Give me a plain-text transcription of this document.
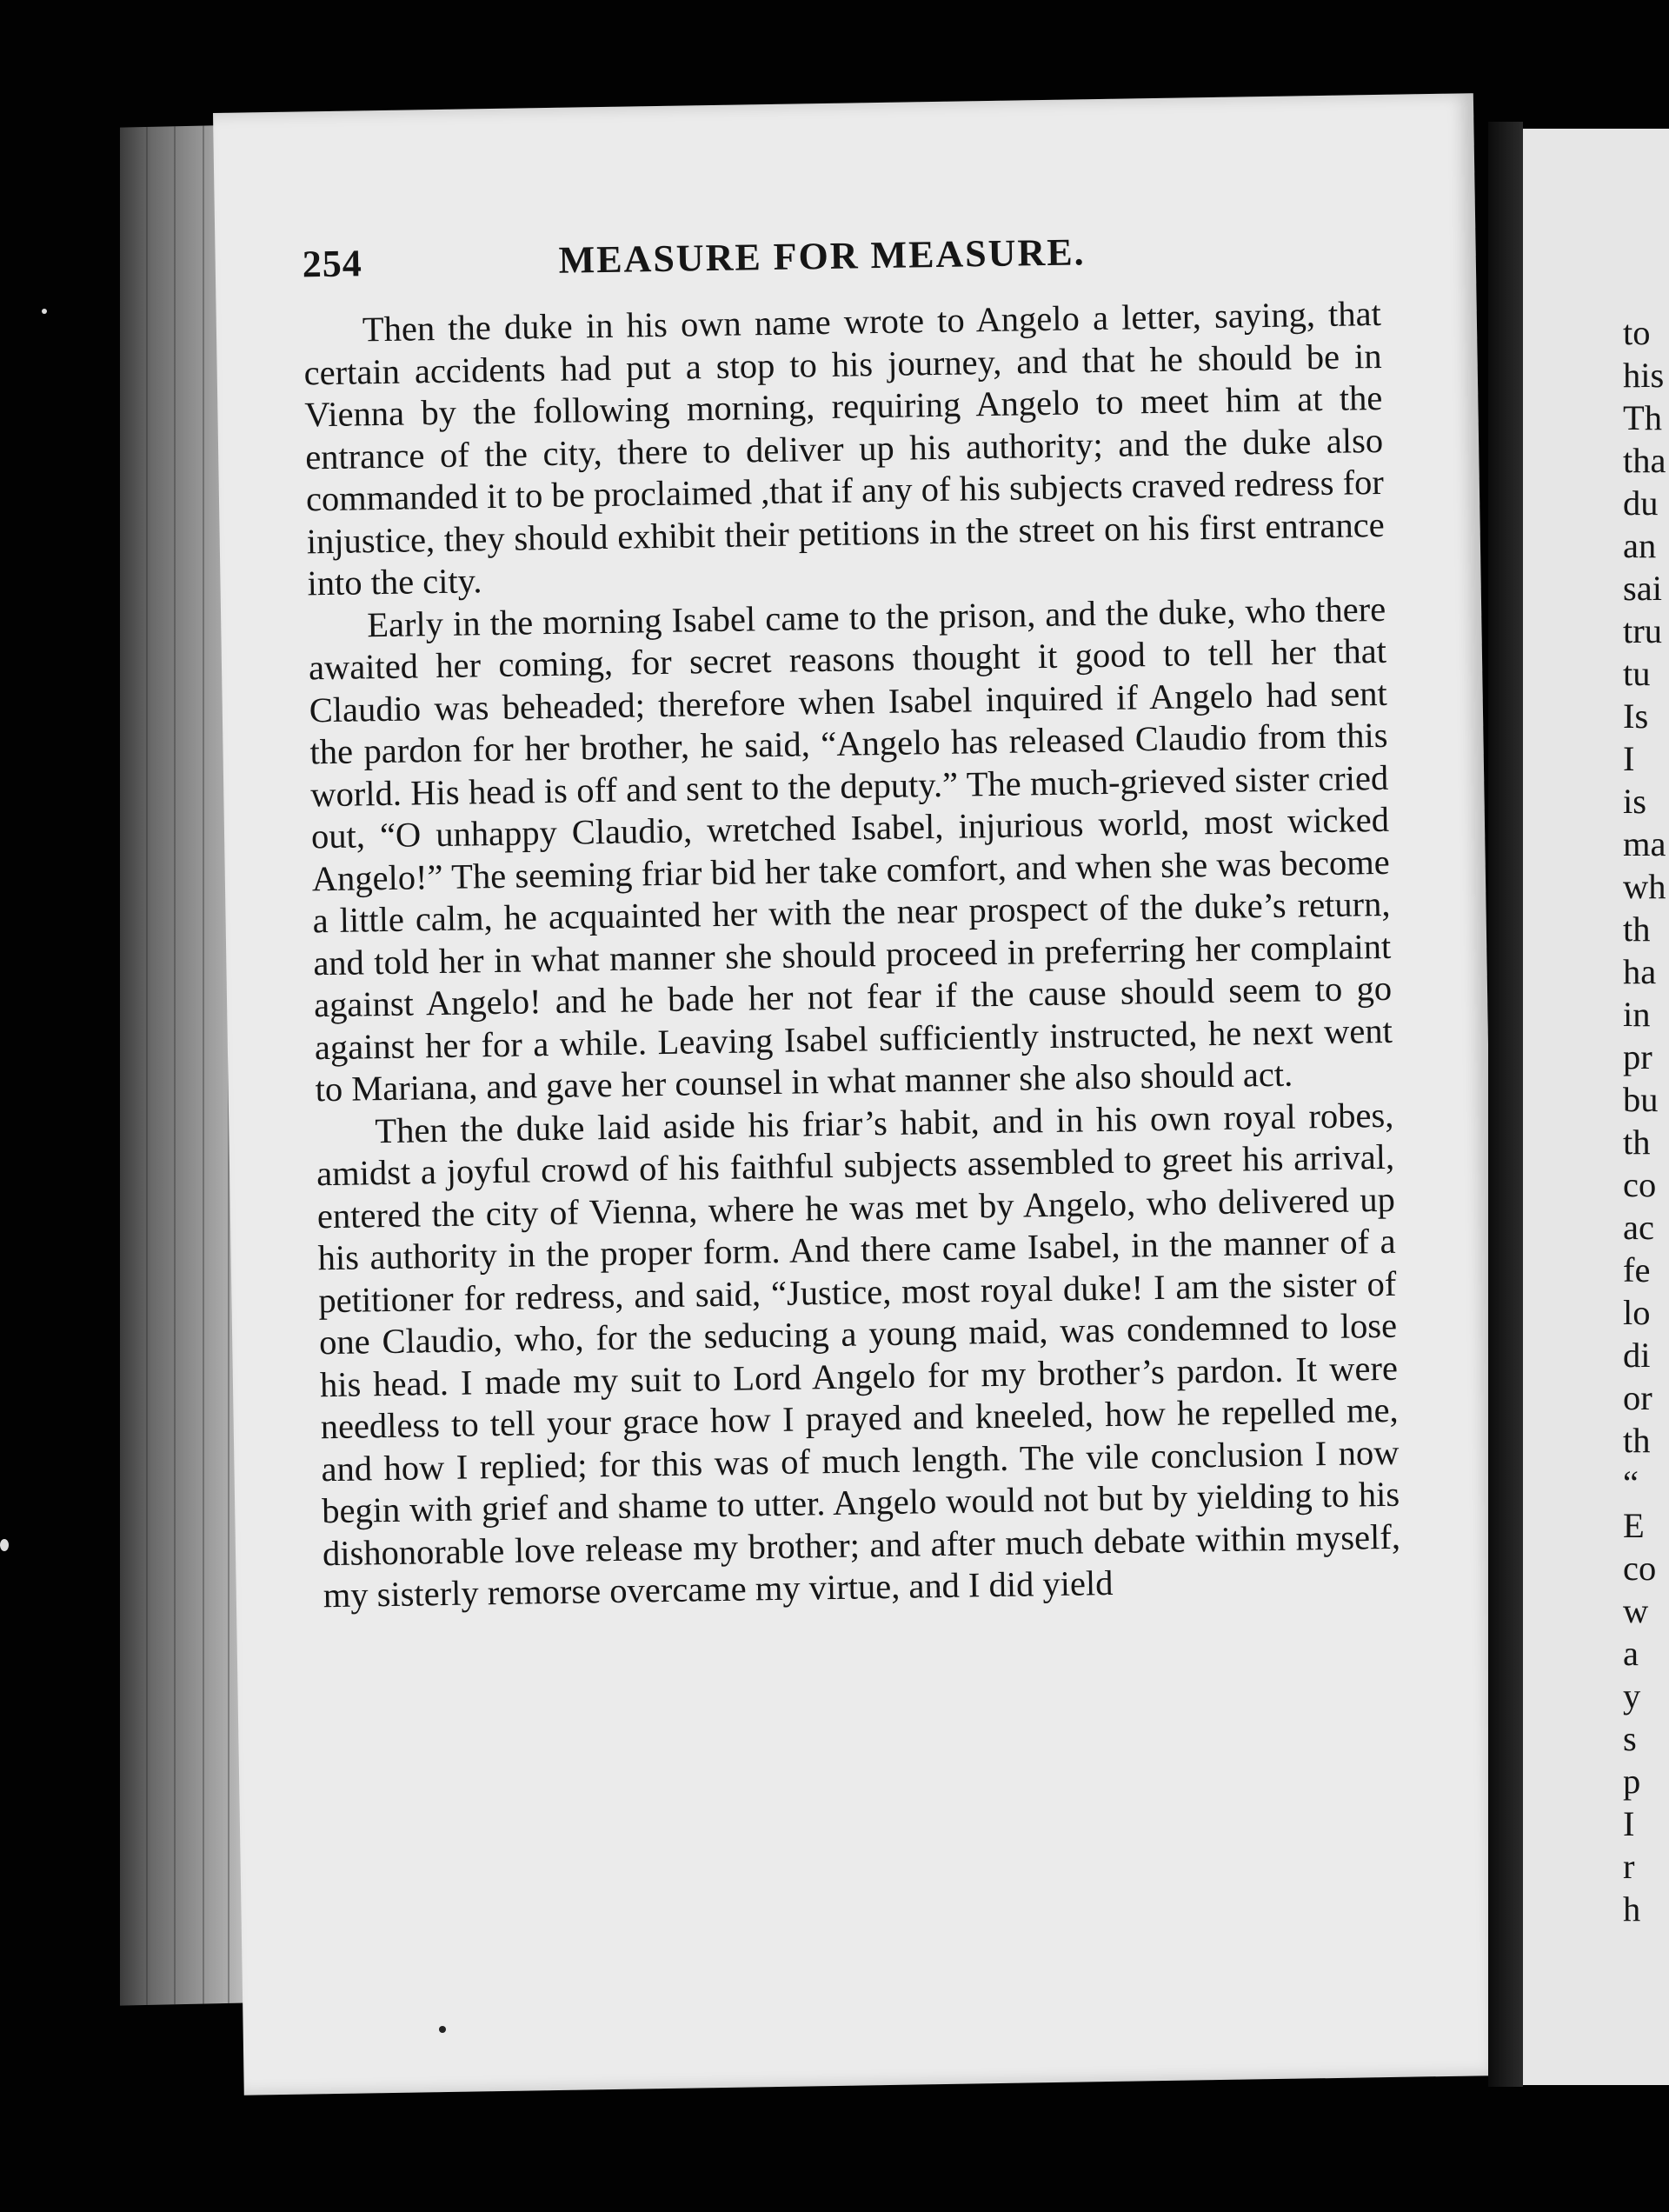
254	MEASURE FOR MEASURE.

Then the duke in his own name wrote to Angelo a letter, saying, that certain accidents had put a stop to his journey, and that he should be in Vienna by the following morning, requiring Angelo to meet him at the entrance of the city, there to deliver up his authority; and the duke also commanded it to be proclaimed ,that if any of his subjects craved redress for injustice, they should exhibit their petitions in the street on his first entrance into the city.

Early in the morning Isabel came to the prison, and the duke, who there awaited her coming, for secret reasons thought it good to tell her that Claudio was beheaded; therefore when Isabel inquired if Angelo had sent the pardon for her brother, he said, “Angelo has released Claudio from this world. His head is off and sent to the deputy.” The much-grieved sister cried out, “O unhappy Claudio, wretched Isabel, injurious world, most wicked Angelo!” The seeming friar bid her take comfort, and when she was become a little calm, he acquainted her with the near prospect of the duke’s return, and told her in what manner she should proceed in preferring her complaint against Angelo! and he bade her not fear if the cause should seem to go against her for a while. Leaving Isabel sufficiently instructed, he next went to Mariana, and gave her counsel in what manner she also should act.

Then the duke laid aside his friar’s habit, and in his own royal robes, amidst a joyful crowd of his faithful subjects assembled to greet his arrival, entered the city of Vienna, where he was met by Angelo, who delivered up his authority in the proper form. And there came Isabel, in the manner of a petitioner for redress, and said, “Justice, most royal duke! I am the sister of one Claudio, who, for the seducing a young maid, was condemned to lose his head. I made my suit to Lord Angelo for my brother’s pardon. It were needless to tell your grace how I prayed and kneeled, how he repelled me, and how I replied; for this was of much length. The vile conclusion I now begin with grief and shame to utter. Angelo would not but by yielding to his dishonorable love release my brother; and after much debate within myself, my sisterly remorse overcame my virtue, and I did yield

to
his
Th
tha
du
an
sai
tru
tu
Is
I
is
ma
wh
th
ha
in
pr
bu
th
co
ac
fe
lo
di
or
th
“
E
co
w
a
y
s
p
I
r
h
